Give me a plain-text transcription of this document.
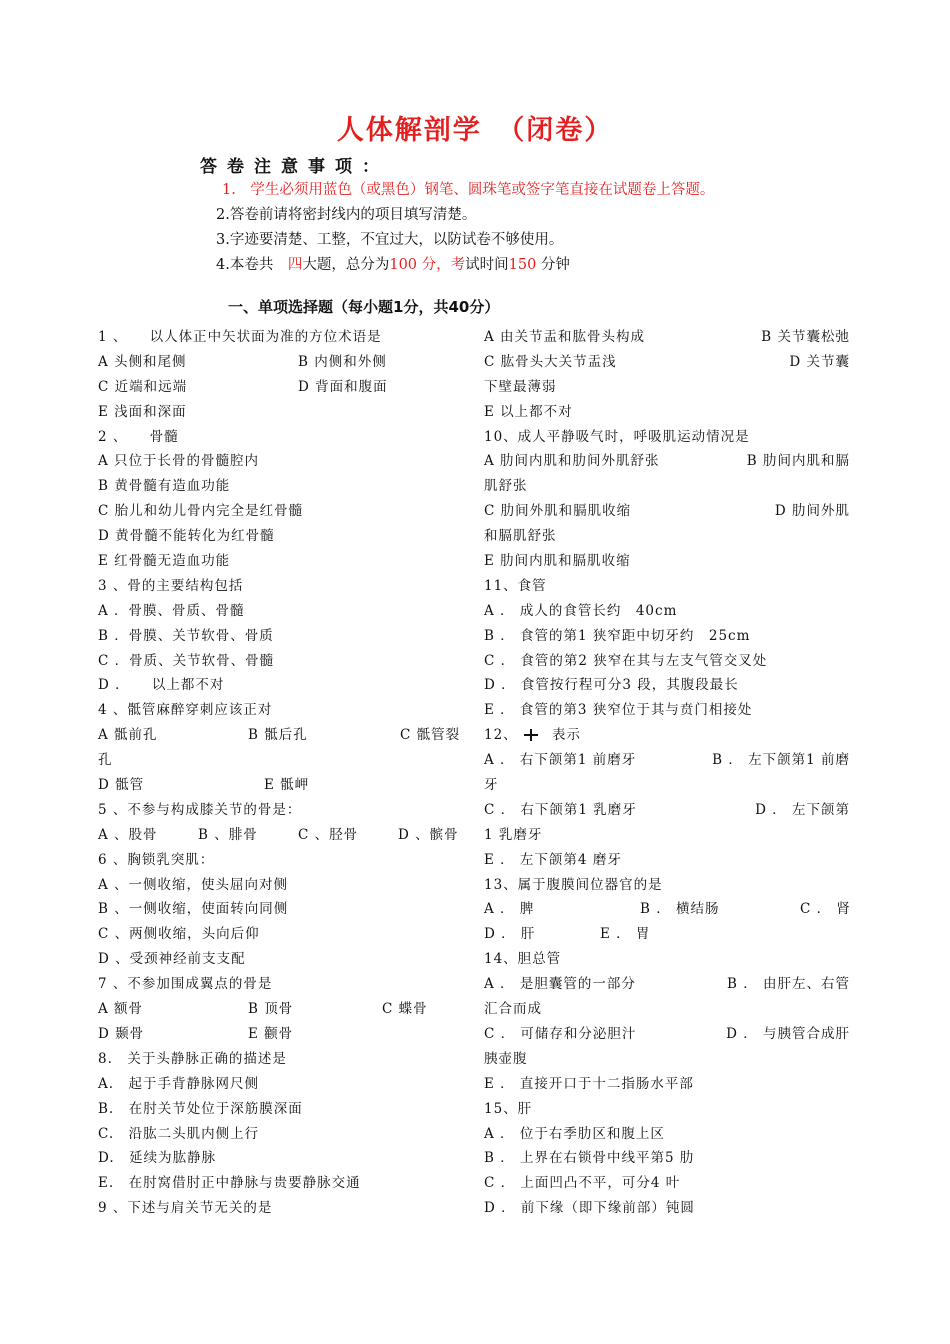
人体解剖学　（闭卷）
答卷注意事项：
1.　学生必须用蓝色（或黑色）钢笔、圆珠笔或签字笔直接在试题卷上答题。
2.答卷前请将密封线内的项目填写清楚。
3.字迹要清楚、工整，不宜过大，以防试卷不够使用。
4.本卷共　四大题，总分为100 分，考试时间150 分钟
一、单项选择题（每小题1分，共40分）
1 、　　以人体正中矢状面为准的方位术语是
A 头侧和尾侧	B 内侧和外侧
C 近端和远端	D 背面和腹面
E 浅面和深面
2 、　　骨髓
A 只位于长骨的骨髓腔内
B 黄骨髓有造血功能
C 胎儿和幼儿骨内完全是红骨髓
D 黄骨髓不能转化为红骨髓
E 红骨髓无造血功能
3 、骨的主要结构包括
A ．骨膜、骨质、骨髓
B ．骨膜、关节软骨、骨质
C ．骨质、关节软骨、骨髓
D ．　　以上都不对
4 、骶管麻醉穿刺应该正对
A 骶前孔	B 骶后孔	C 骶管裂
孔
D 骶管	E 骶岬
5 、不参与构成膝关节的骨是：
A 、股骨	B 、腓骨	C 、胫骨	D 、髌骨
6 、胸锁乳突肌：
A 、一侧收缩，使头屈向对侧
B 、一侧收缩，使面转向同侧
C 、两侧收缩，头向后仰
D 、受颈神经前支支配
7 、不参加围成翼点的骨是
A 额骨	B 顶骨	C 蝶骨
D 颞骨	E 颧骨
8.　关于头静脉正确的描述是
A.　起于手背静脉网尺侧
B.　在肘关节处位于深筋膜深面
C.　沿肱二头肌内侧上行
D.　延续为肱静脉
E.　在肘窝借肘正中静脉与贵要静脉交通
9 、下述与肩关节无关的是
A 由关节盂和肱骨头构成	B 关节囊松弛
C 肱骨头大关节盂浅	D 关节囊
下壁最薄弱
E 以上都不对
10、成人平静吸气时，呼吸肌运动情况是
A 肋间内肌和肋间外肌舒张	B 肋间内肌和膈
肌舒张
C 肋间外肌和膈肌收缩	D 肋间外肌
和膈肌舒张
E 肋间内肌和膈肌收缩
11、食管
A ． 成人的食管长约　40cm
B ． 食管的第1 狭窄距中切牙约　25cm
C ． 食管的第2 狭窄在其与左支气管交叉处
D ． 食管按行程可分3 段，其腹段最长
E ． 食管的第3 狭窄位于其与贲门相接处
12、	表示
A ． 右下颌第1 前磨牙	B ． 左下颌第1 前磨
牙
C ． 右下颌第1 乳磨牙	D ． 左下颌第
1 乳磨牙
E ． 左下颌第4 磨牙
13、属于腹膜间位器官的是
A ． 脾	B ． 横结肠	C ． 肾
D ． 肝	E ． 胃
14、胆总管
A ． 是胆囊管的一部分	B ． 由肝左、右管
汇合而成
C ． 可储存和分泌胆汁	D ． 与胰管合成肝
胰壶腹
E ． 直接开口于十二指肠水平部
15、肝
A ． 位于右季肋区和腹上区
B ． 上界在右锁骨中线平第5 肋
C ． 上面凹凸不平，可分4 叶
D ． 前下缘（即下缘前部）钝圆
